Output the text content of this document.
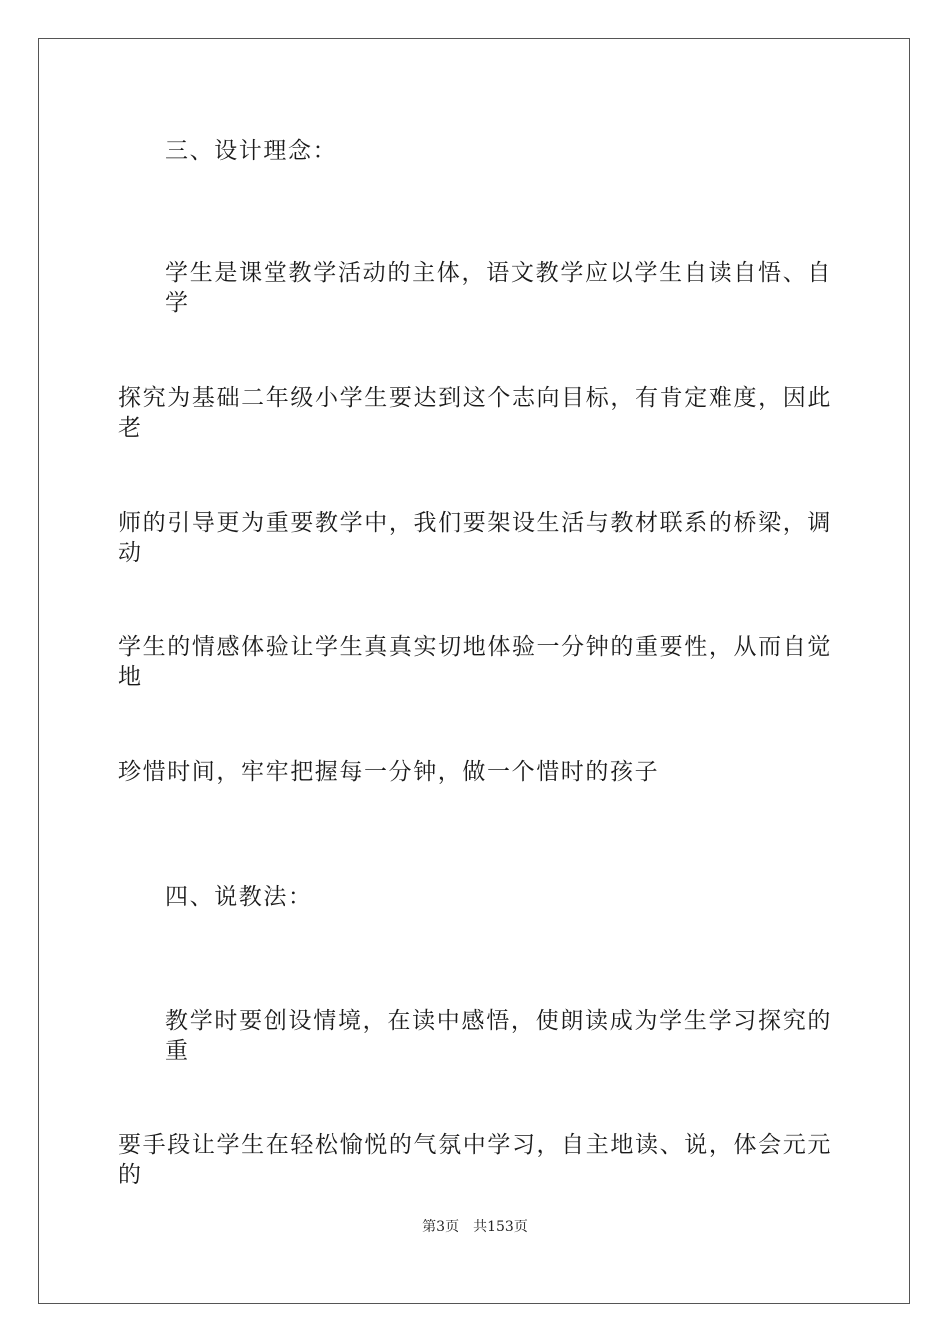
三、设计理念：
学生是课堂教学活动的主体，语文教学应以学生自读自悟、自学
探究为基础二年级小学生要达到这个志向目标，有肯定难度，因此老
师的引导更为重要教学中，我们要架设生活与教材联系的桥梁，调动
学生的情感体验让学生真真实切地体验一分钟的重要性，从而自觉地
珍惜时间，牢牢把握每一分钟，做一个惜时的孩子
四、说教法：
教学时要创设情境，在读中感悟，使朗读成为学生学习探究的重
要手段让学生在轻松愉悦的气氛中学习，自主地读、说，体会元元的
第3页 共153页
